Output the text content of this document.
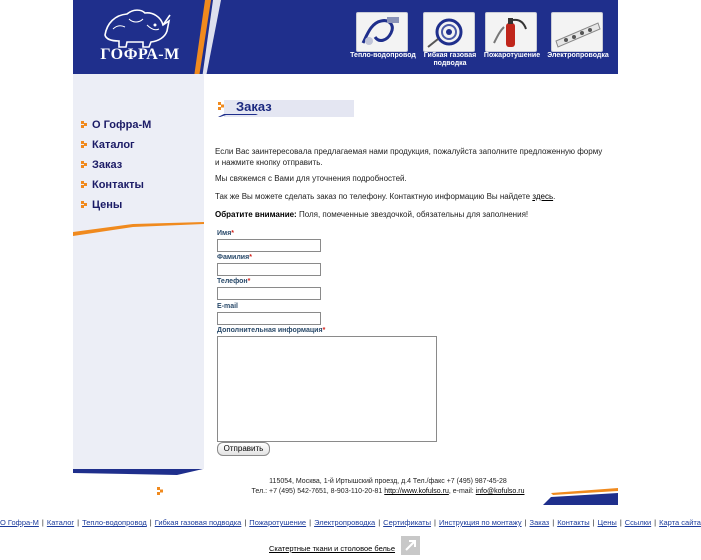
ГОФРА-М	Тепло-водопровод	Гибкая газовая подводка
Пожаротушение	Электропроводка
О Гофра-М
Каталог
Заказ
Контакты
Цены
Заказ
Если Вас заинтересовала предлагаемая нами продукция, пожалуйста заполните предложенную форму и нажмите кнопку отправить.
Мы свяжемся с Вами для уточнения подробностей.
Так же Вы можете сделать заказ по телефону. Контактную информацию Вы найдете здесь.
Обратите внимание: Поля, помеченные звездочкой, обязательны для заполнения!
Имя*
Фамилия*
Телефон*
E-mail
Дополнительная информация*
Отправить
115054, Москва, 1-й Иртышский проезд, д.4 Тел./факс +7 (495) 987-45-28
Тел.: +7 (495) 542-7651, 8-903-110-20-81 http://www.kofulso.ru, e-mail: info@kofulso.ru
О Гофра-М | Каталог | Тепло-водопровод | Гибкая газовая подводка | Пожаротушение | Электропроводка | Сертификаты | Инструкция по монтажу | Заказ | Контакты | Цены | Ссылки | Карта сайта
Скатертные ткани и столовое белье
